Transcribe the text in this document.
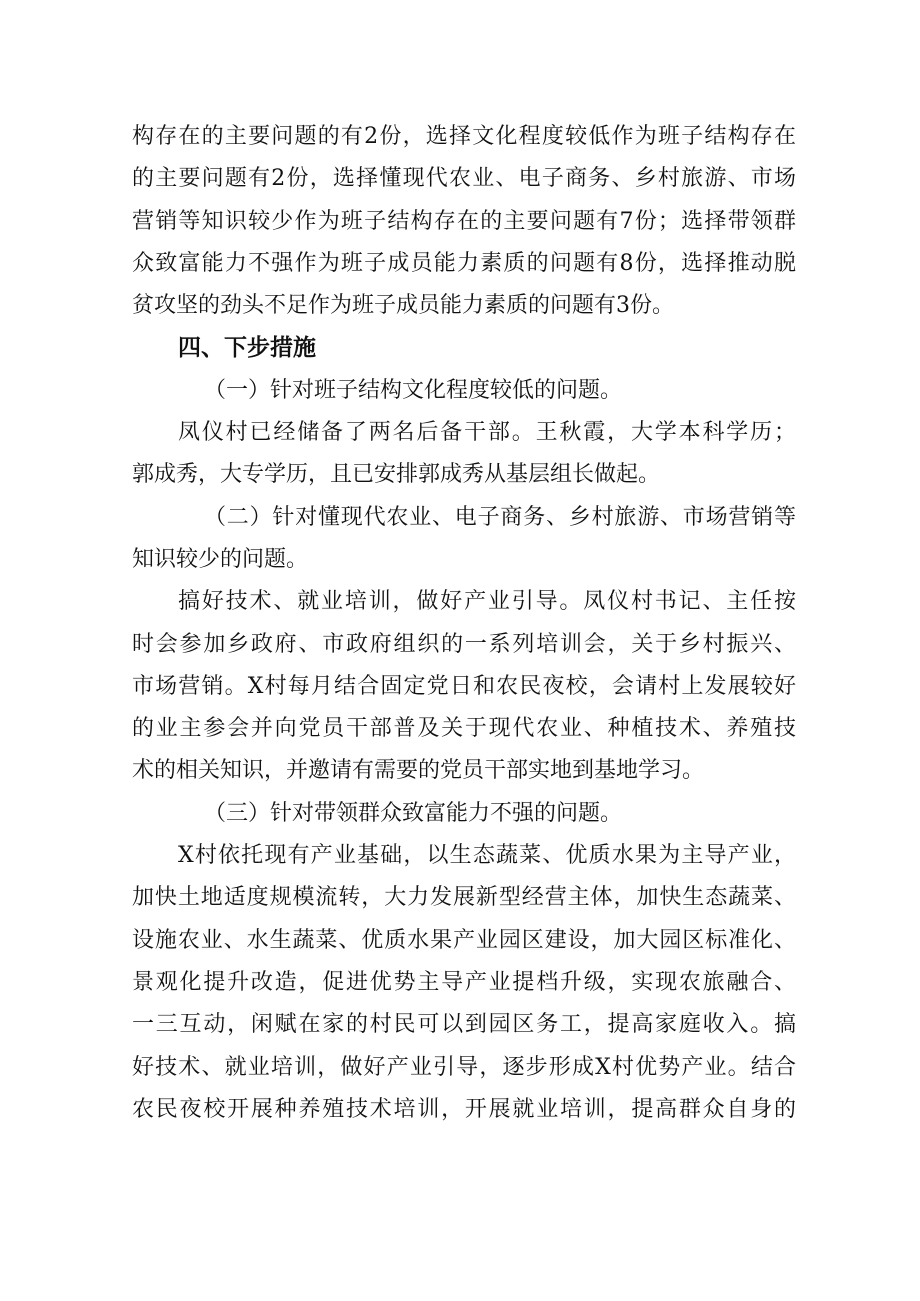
构存在的主要问题的有2份，选择文化程度较低作为班子结构存在
的主要问题有2份，选择懂现代农业、电子商务、乡村旅游、市场
营销等知识较少作为班子结构存在的主要问题有7份；选择带领群
众致富能力不强作为班子成员能力素质的问题有8份，选择推动脱
贫攻坚的劲头不足作为班子成员能力素质的问题有3份。
四、下步措施
（一）针对班子结构文化程度较低的问题。
凤仪村已经储备了两名后备干部。王秋霞，大学本科学历；
郭成秀，大专学历，且已安排郭成秀从基层组长做起。
（二）针对懂现代农业、电子商务、乡村旅游、市场营销等
知识较少的问题。
搞好技术、就业培训，做好产业引导。凤仪村书记、主任按
时会参加乡政府、市政府组织的一系列培训会，关于乡村振兴、
市场营销。X村每月结合固定党日和农民夜校，会请村上发展较好
的业主参会并向党员干部普及关于现代农业、种植技术、养殖技
术的相关知识，并邀请有需要的党员干部实地到基地学习。
（三）针对带领群众致富能力不强的问题。
X村依托现有产业基础，以生态蔬菜、优质水果为主导产业，
加快土地适度规模流转，大力发展新型经营主体，加快生态蔬菜、
设施农业、水生蔬菜、优质水果产业园区建设，加大园区标准化、
景观化提升改造，促进优势主导产业提档升级，实现农旅融合、
一三互动，闲赋在家的村民可以到园区务工，提高家庭收入。搞
好技术、就业培训，做好产业引导，逐步形成X村优势产业。结合
农民夜校开展种养殖技术培训，开展就业培训，提高群众自身的
